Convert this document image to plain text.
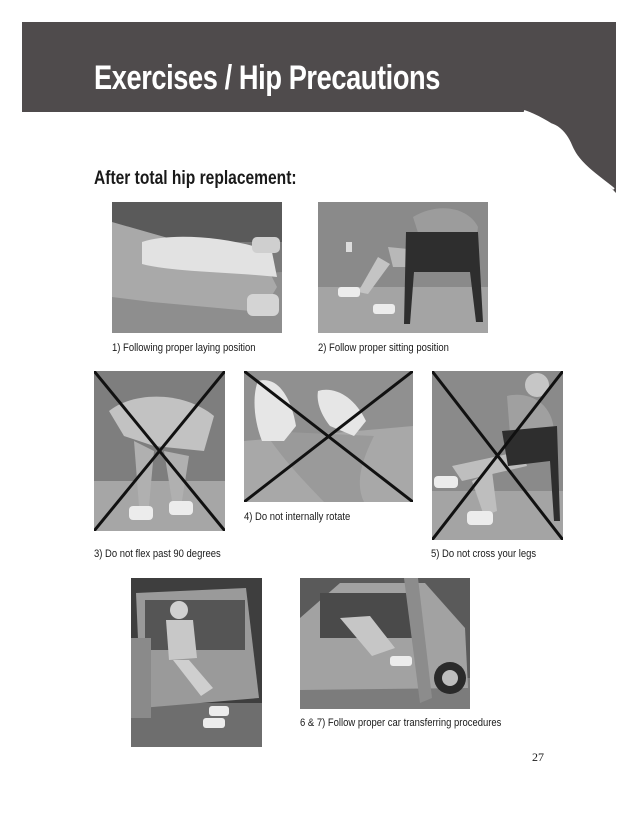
Exercises / Hip Precautions
After total hip replacement:

1) Following proper laying position	2) Follow proper sitting position

3) Do not flex past 90 degrees

4) Do not internally rotate

5) Do not cross your legs

6 & 7) Follow proper car transferring procedures

27
